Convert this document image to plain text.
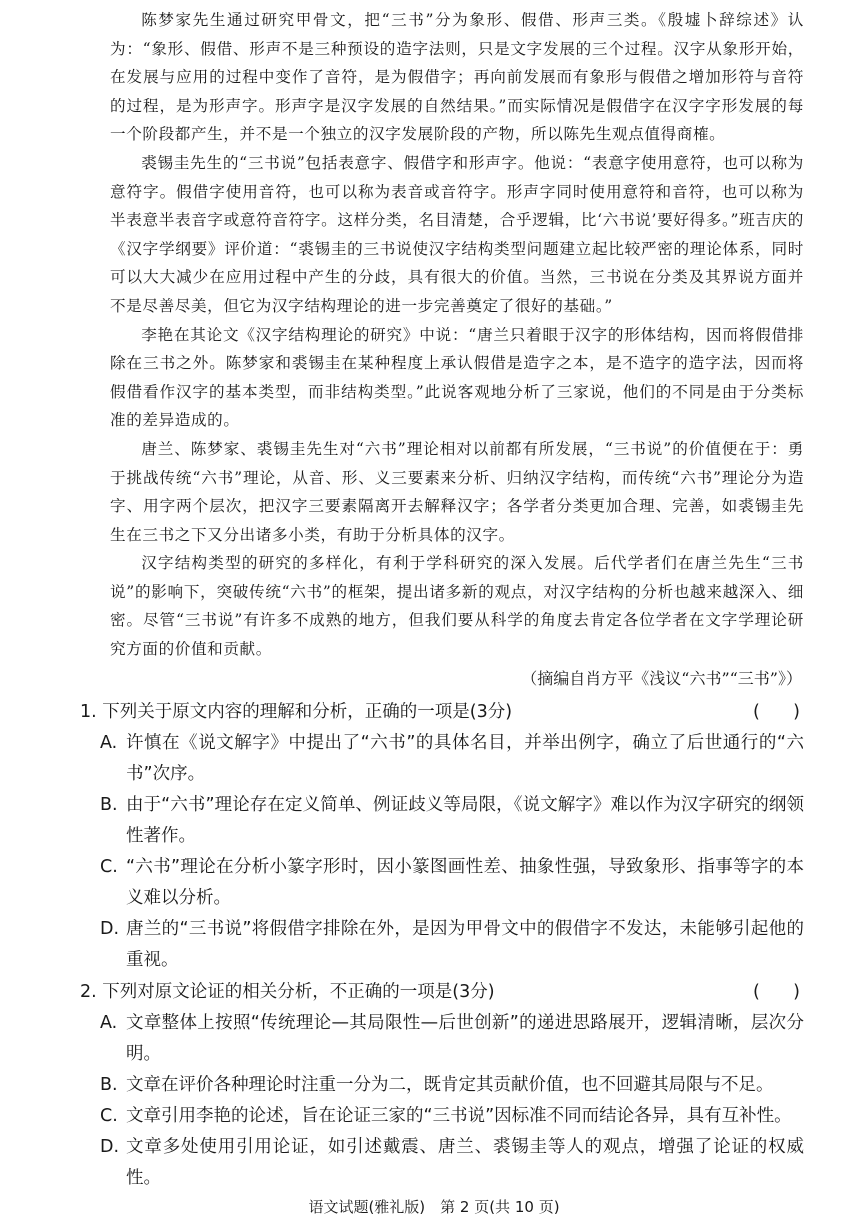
陈梦家先生通过研究甲骨文，把“三书”分为象形、假借、形声三类。《殷墟卜辞综述》认为：“象形、假借、形声不是三种预设的造字法则，只是文字发展的三个过程。汉字从象形开始，在发展与应用的过程中变作了音符，是为假借字；再向前发展而有象形与假借之增加形符与音符的过程，是为形声字。形声字是汉字发展的自然结果。”而实际情况是假借字在汉字字形发展的每一个阶段都产生，并不是一个独立的汉字发展阶段的产物，所以陈先生观点值得商榷。

裘锡圭先生的“三书说”包括表意字、假借字和形声字。他说：“表意字使用意符，也可以称为意符字。假借字使用音符，也可以称为表音或音符字。形声字同时使用意符和音符，也可以称为半表意半表音字或意符音符字。这样分类，名目清楚，合乎逻辑，比‘六书说’要好得多。”班吉庆的《汉字学纲要》评价道：“裘锡圭的三书说使汉字结构类型问题建立起比较严密的理论体系，同时可以大大减少在应用过程中产生的分歧，具有很大的价值。当然，三书说在分类及其界说方面并不是尽善尽美，但它为汉字结构理论的进一步完善奠定了很好的基础。”

李艳在其论文《汉字结构理论的研究》中说：“唐兰只着眼于汉字的形体结构，因而将假借排除在三书之外。陈梦家和裘锡圭在某种程度上承认假借是造字之本，是不造字的造字法，因而将假借看作汉字的基本类型，而非结构类型。”此说客观地分析了三家说，他们的不同是由于分类标准的差异造成的。

唐兰、陈梦家、裘锡圭先生对“六书”理论相对以前都有所发展，“三书说”的价值便在于：勇于挑战传统“六书”理论，从音、形、义三要素来分析、归纳汉字结构，而传统“六书”理论分为造字、用字两个层次，把汉字三要素隔离开去解释汉字；各学者分类更加合理、完善，如裘锡圭先生在三书之下又分出诸多小类，有助于分析具体的汉字。

汉字结构类型的研究的多样化，有利于学科研究的深入发展。后代学者们在唐兰先生“三书说”的影响下，突破传统“六书”的框架，提出诸多新的观点，对汉字结构的分析也越来越深入、细密。尽管“三书说”有许多不成熟的地方，但我们要从科学的角度去肯定各位学者在文字学理论研究方面的价值和贡献。

（摘编自肖方平《浅议“六书”“三书”》）

1. 下列关于原文内容的理解和分析，正确的一项是(3分)	(      )
A. 许慎在《说文解字》中提出了“六书”的具体名目，并举出例字，确立了后世通行的“六书”次序。
B. 由于“六书”理论存在定义简单、例证歧义等局限，《说文解字》难以作为汉字研究的纲领性著作。
C. “六书”理论在分析小篆字形时，因小篆图画性差、抽象性强，导致象形、指事等字的本义难以分析。
D. 唐兰的“三书说”将假借字排除在外，是因为甲骨文中的假借字不发达，未能够引起他的重视。
2. 下列对原文论证的相关分析，不正确的一项是(3分)	(      )
A. 文章整体上按照“传统理论—其局限性—后世创新”的递进思路展开，逻辑清晰，层次分明。
B. 文章在评价各种理论时注重一分为二，既肯定其贡献价值，也不回避其局限与不足。
C. 文章引用李艳的论述，旨在论证三家的“三书说”因标准不同而结论各异，具有互补性。
D. 文章多处使用引用论证，如引述戴震、唐兰、裘锡圭等人的观点，增强了论证的权威性。
语文试题(雅礼版)　第 2 页(共 10 页)
